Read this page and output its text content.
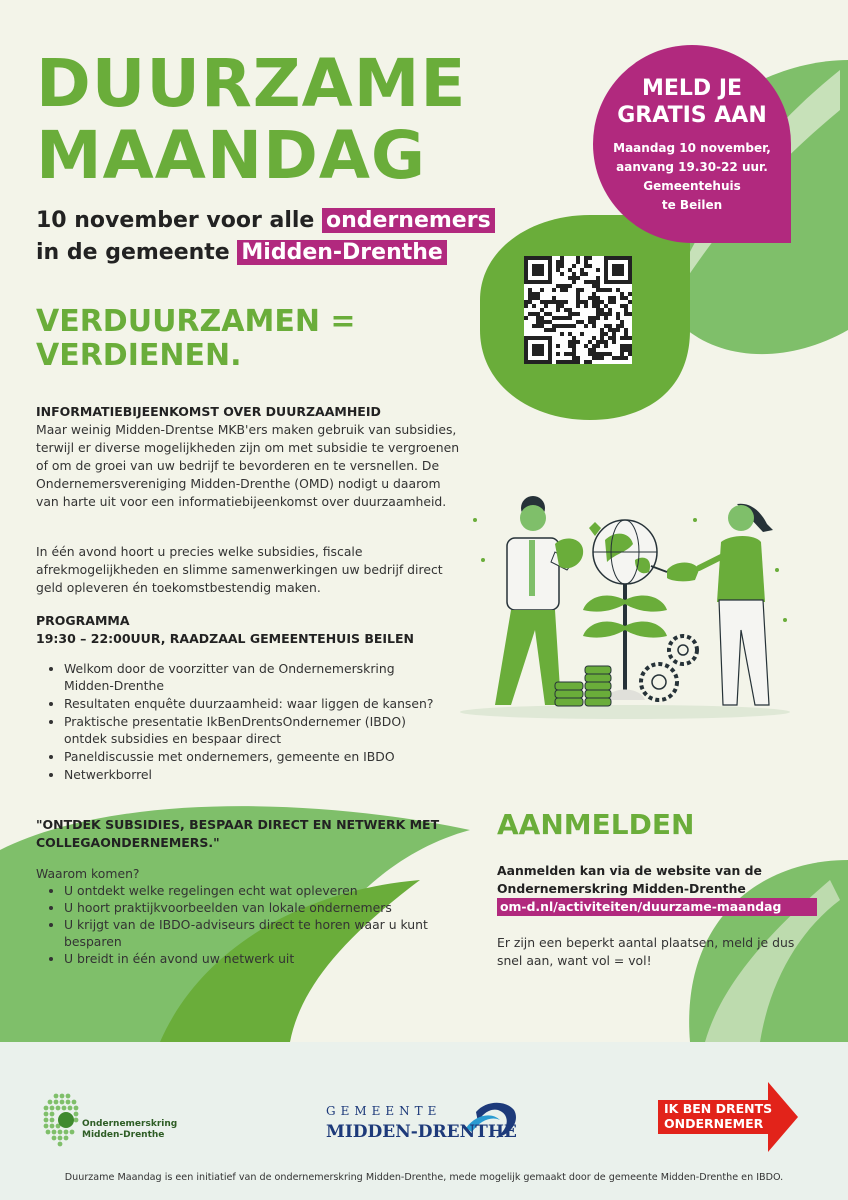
DUURZAME
MAANDAG
10 november voor alle ondernemers
in de gemeente Midden-Drenthe
MELD JE
GRATIS AAN
Maandag 10 november,
aanvang 19.30-22 uur.
Gemeentehuis
te Beilen
VERDUURZAMEN =
VERDIENEN.
INFORMATIEBIJEENKOMST OVER DUURZAAMHEID

Maar weinig Midden-Drentse MKB'ers maken gebruik van subsidies, terwijl er diverse mogelijkheden zijn om met subsidie te vergroenen of om de groei van uw bedrijf te bevorderen en te versnellen. De Ondernemersvereniging Midden-Drenthe (OMD) nodigt u daarom van harte uit voor een informatiebijeenkomst over duurzaamheid.

In één avond hoort u precies welke subsidies, fiscale afrekmogelijkheden en slimme samenwerkingen uw bedrijf direct geld opleveren én toekomstbestendig maken.

PROGRAMMA
19:30 – 22:00UUR, RAADZAAL GEMEENTEHUIS BEILEN
• Welkom door de voorzitter van de Ondernemerskring Midden-Drenthe
• Resultaten enquête duurzaamheid: waar liggen de kansen?
• Praktische presentatie IkBenDrentsOndernemer (IBDO) ontdek subsidies en bespaar direct
• Paneldiscussie met ondernemers, gemeente en IBDO
• Netwerkborrel

"ONTDEK SUBSIDIES, BESPAAR DIRECT EN NETWERK MET COLLEGAONDERNEMERS."

Waarom komen?
• U ontdekt welke regelingen echt wat opleveren
• U hoort praktijkvoorbeelden van lokale ondernemers
• U krijgt van de IBDO-adviseurs direct te horen waar u kunt besparen
• U breidt in één avond uw netwerk uit
AANMELDEN
Aanmelden kan via de website van de
Ondernemerskring Midden-Drenthe
om-d.nl/activiteiten/duurzame-maandag

Er zijn een beperkt aantal plaatsen, meld je dus snel aan, want vol = vol!

Ondernemerskring
Midden-Drenthe
GEMEENTE
MIDDEN-DRENTHE
IK BEN DRENTS
ONDERNEMER
Duurzame Maandag is een initiatief van de ondernemerskring Midden-Drenthe, mede mogelijk gemaakt door de gemeente Midden-Drenthe en IBDO.
